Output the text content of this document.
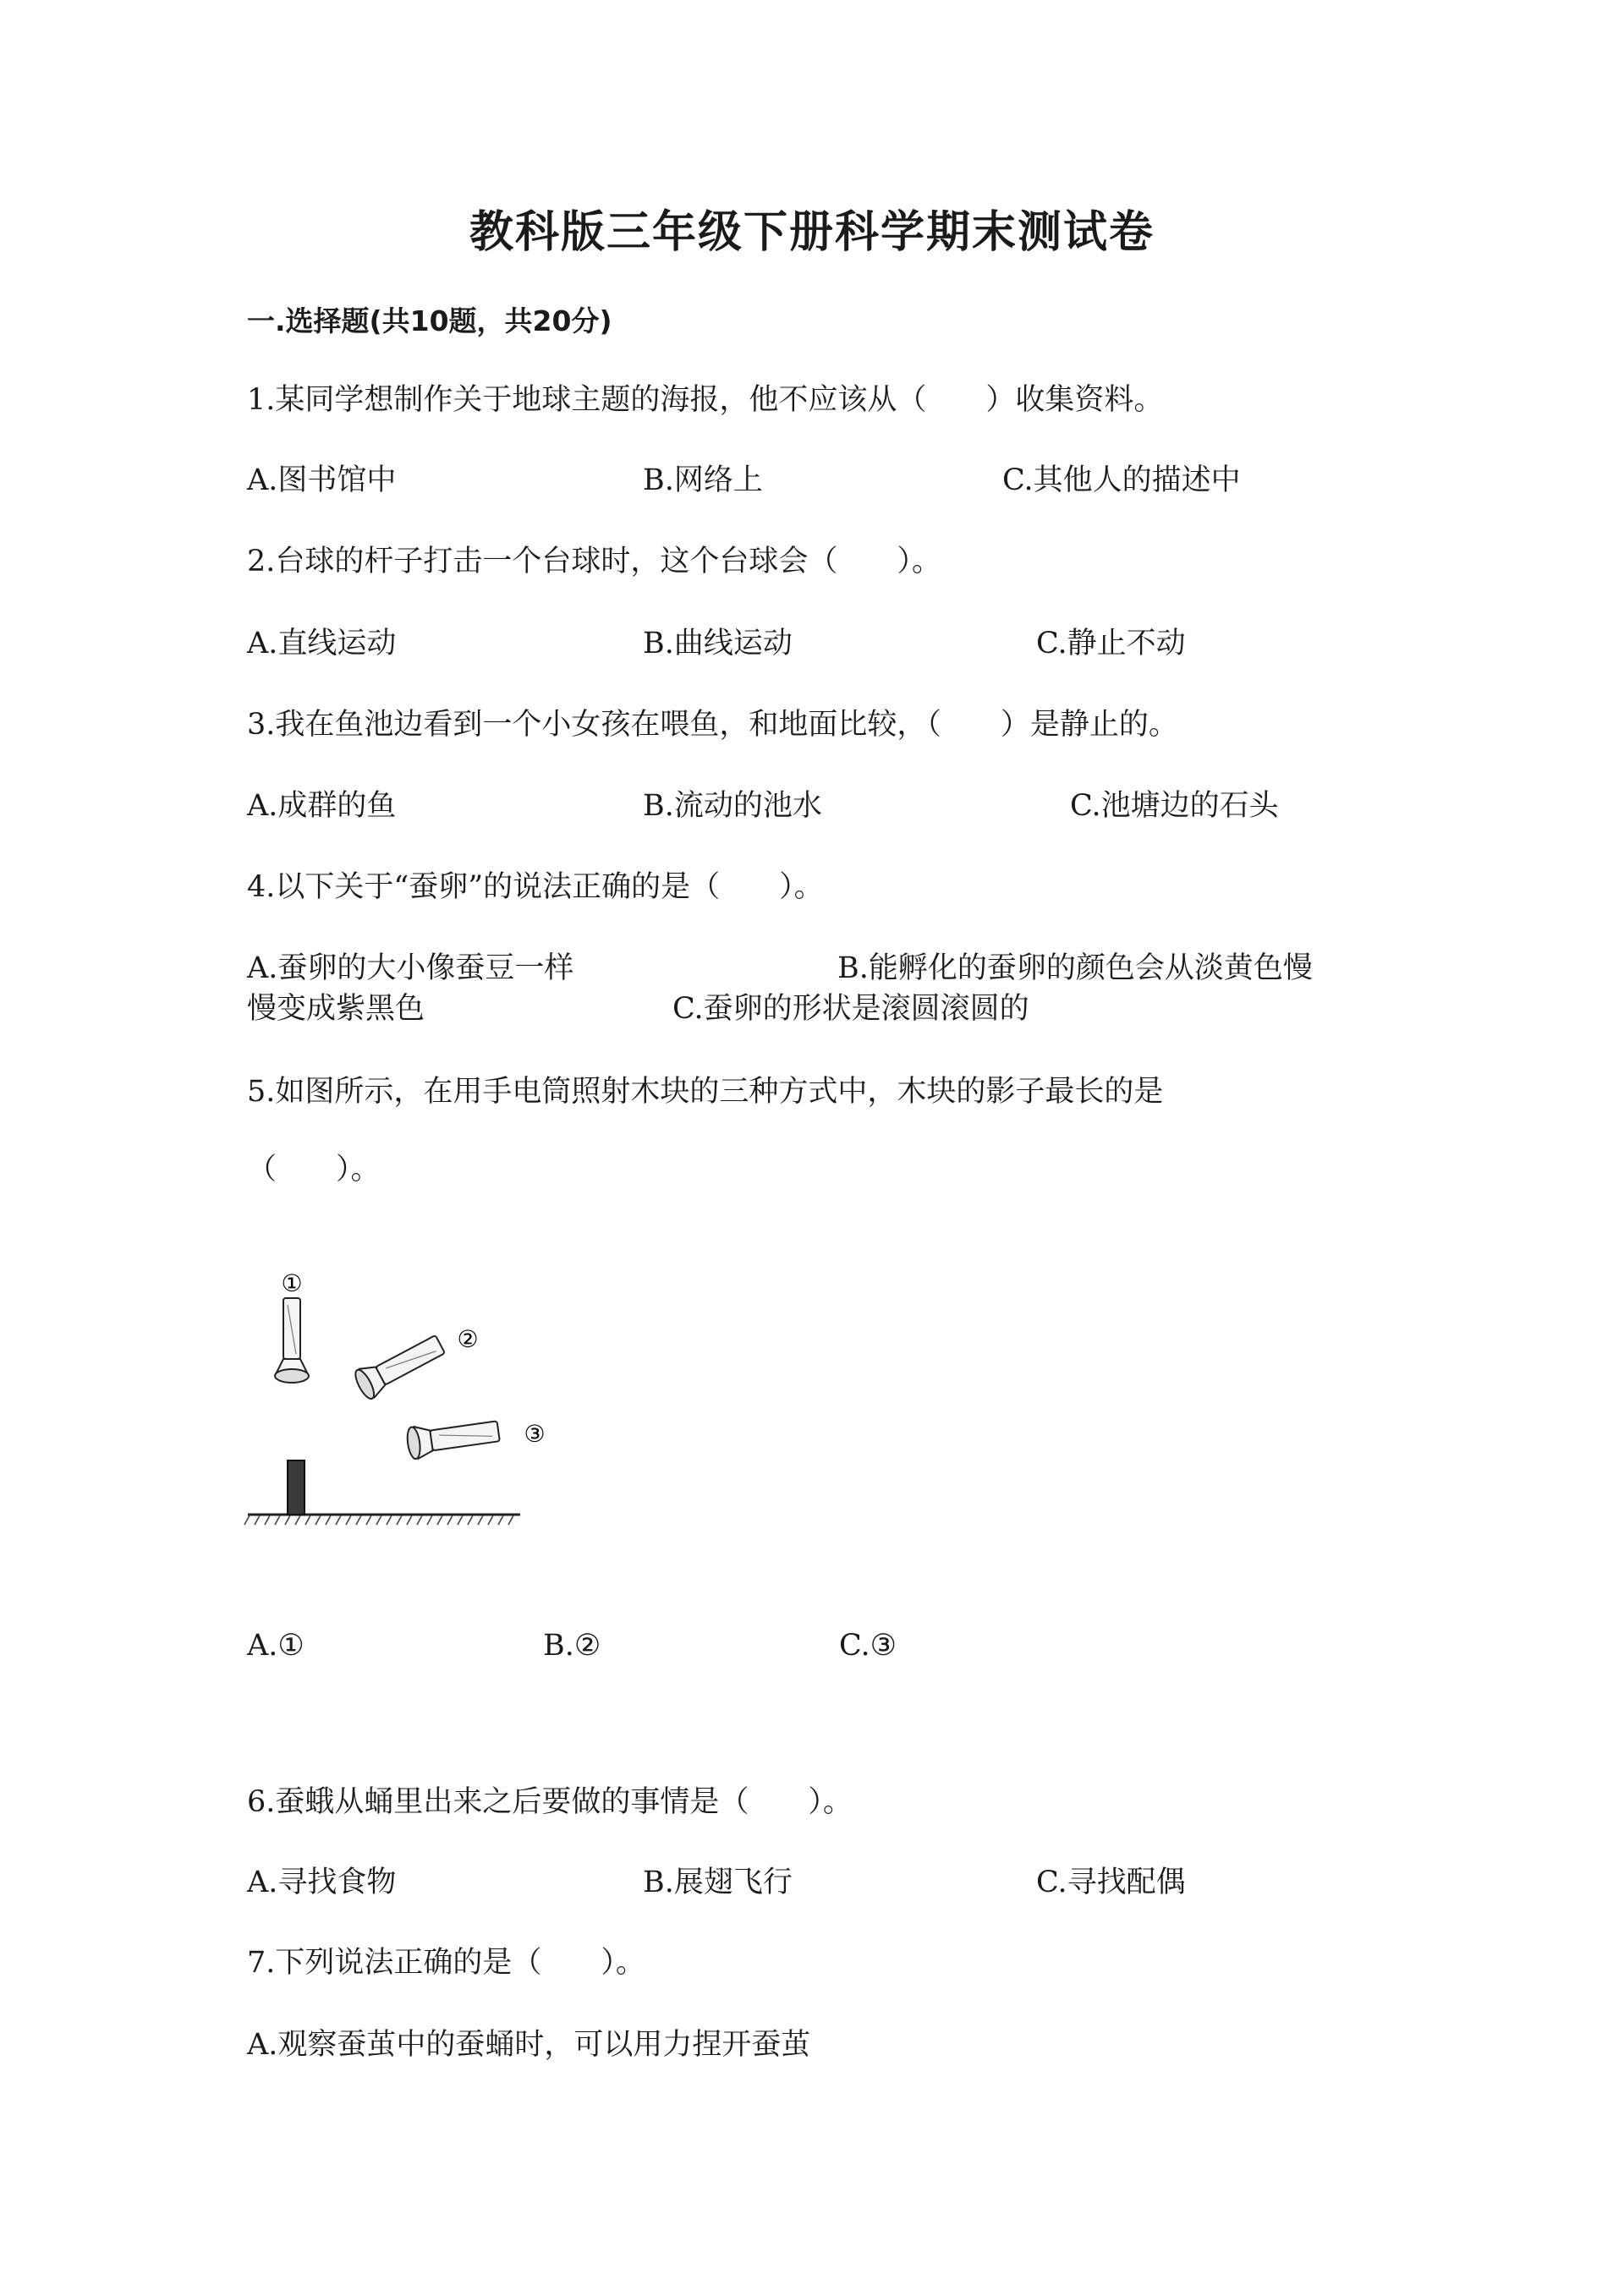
教科版三年级下册科学期末测试卷
一.选择题(共10题，共20分)
1.某同学想制作关于地球主题的海报，他不应该从（　　）收集资料。
A.图书馆中	B.网络上	C.其他人的描述中
2.台球的杆子打击一个台球时，这个台球会（　　）。
A.直线运动	B.曲线运动	C.静止不动
3.我在鱼池边看到一个小女孩在喂鱼，和地面比较，（　　）是静止的。
A.成群的鱼	B.流动的池水	C.池塘边的石头
4.以下关于“蚕卵”的说法正确的是（　　）。
A.蚕卵的大小像蚕豆一样	B.能孵化的蚕卵的颜色会从淡黄色慢
慢变成紫黑色	C.蚕卵的形状是滚圆滚圆的
5.如图所示，在用手电筒照射木块的三种方式中，木块的影子最长的是
（　　）。
①
②
③
A.①	B.②	C.③
6.蚕蛾从蛹里出来之后要做的事情是（　　）。
A.寻找食物	B.展翅飞行	C.寻找配偶
7.下列说法正确的是（　　）。
A.观察蚕茧中的蚕蛹时，可以用力捏开蚕茧
